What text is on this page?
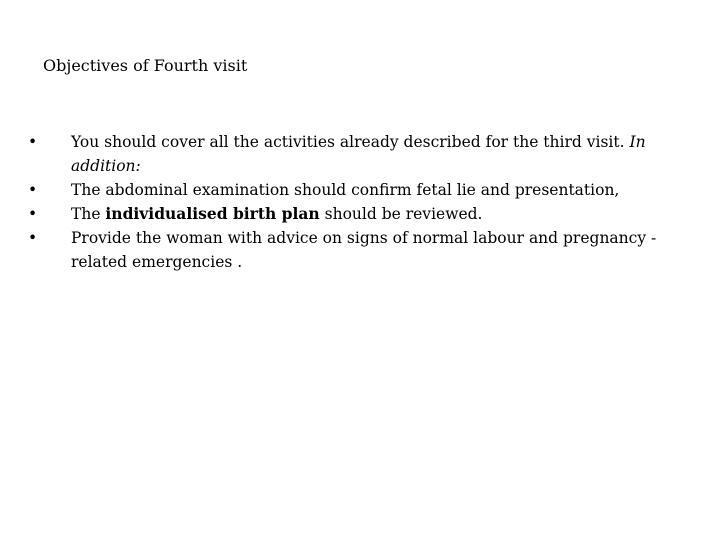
Objectives of Fourth visit
•	You should cover all the activities already described for the third visit. In addition:
•	The abdominal examination should confirm fetal lie and presentation,
•	The individualised birth plan should be reviewed.
•	Provide the woman with advice on signs of normal labour and pregnancy -related emergencies .
